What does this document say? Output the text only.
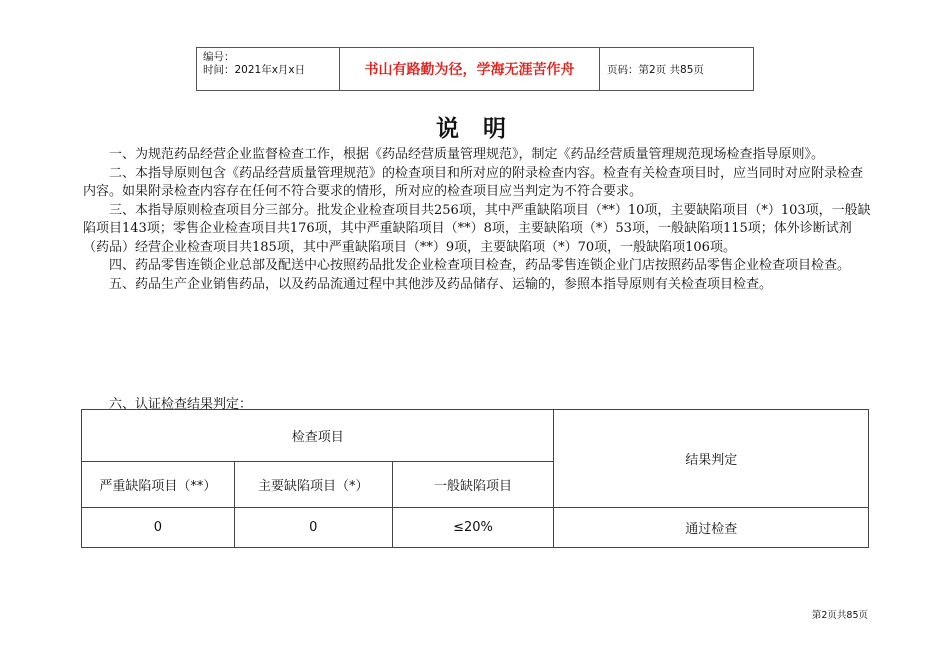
编号：
时间：2021年x月x日	书山有路勤为径，学海无涯苦作舟	页码：第2页 共85页
说 明

一、为规范药品经营企业监督检查工作，根据《药品经营质量管理规范》，制定《药品经营质量管理规范现场检查指导原则》。

二、本指导原则包含《药品经营质量管理规范》的检查项目和所对应的附录检查内容。检查有关检查项目时，应当同时对应附录检查内容。如果附录检查内容存在任何不符合要求的情形，所对应的检查项目应当判定为不符合要求。

三、本指导原则检查项目分三部分。批发企业检查项目共256项，其中严重缺陷项目（**）10项，主要缺陷项目（*）103项，一般缺陷项目143项；零售企业检查项目共176项，其中严重缺陷项目（**）8项，主要缺陷项（*）53项，一般缺陷项115项；体外诊断试剂（药品）经营企业检查项目共185项，其中严重缺陷项目（**）9项，主要缺陷项（*）70项，一般缺陷项106项。

四、药品零售连锁企业总部及配送中心按照药品批发企业检查项目检查，药品零售连锁企业门店按照药品零售企业检查项目检查。

五、药品生产企业销售药品，以及药品流通过程中其他涉及药品储存、运输的，参照本指导原则有关检查项目检查。

六、认证检查结果判定：
检查项目			结果判定
严重缺陷项目（**）	主要缺陷项目（*）	一般缺陷项目	
0	0	≤20%	通过检查
第2页共85页
